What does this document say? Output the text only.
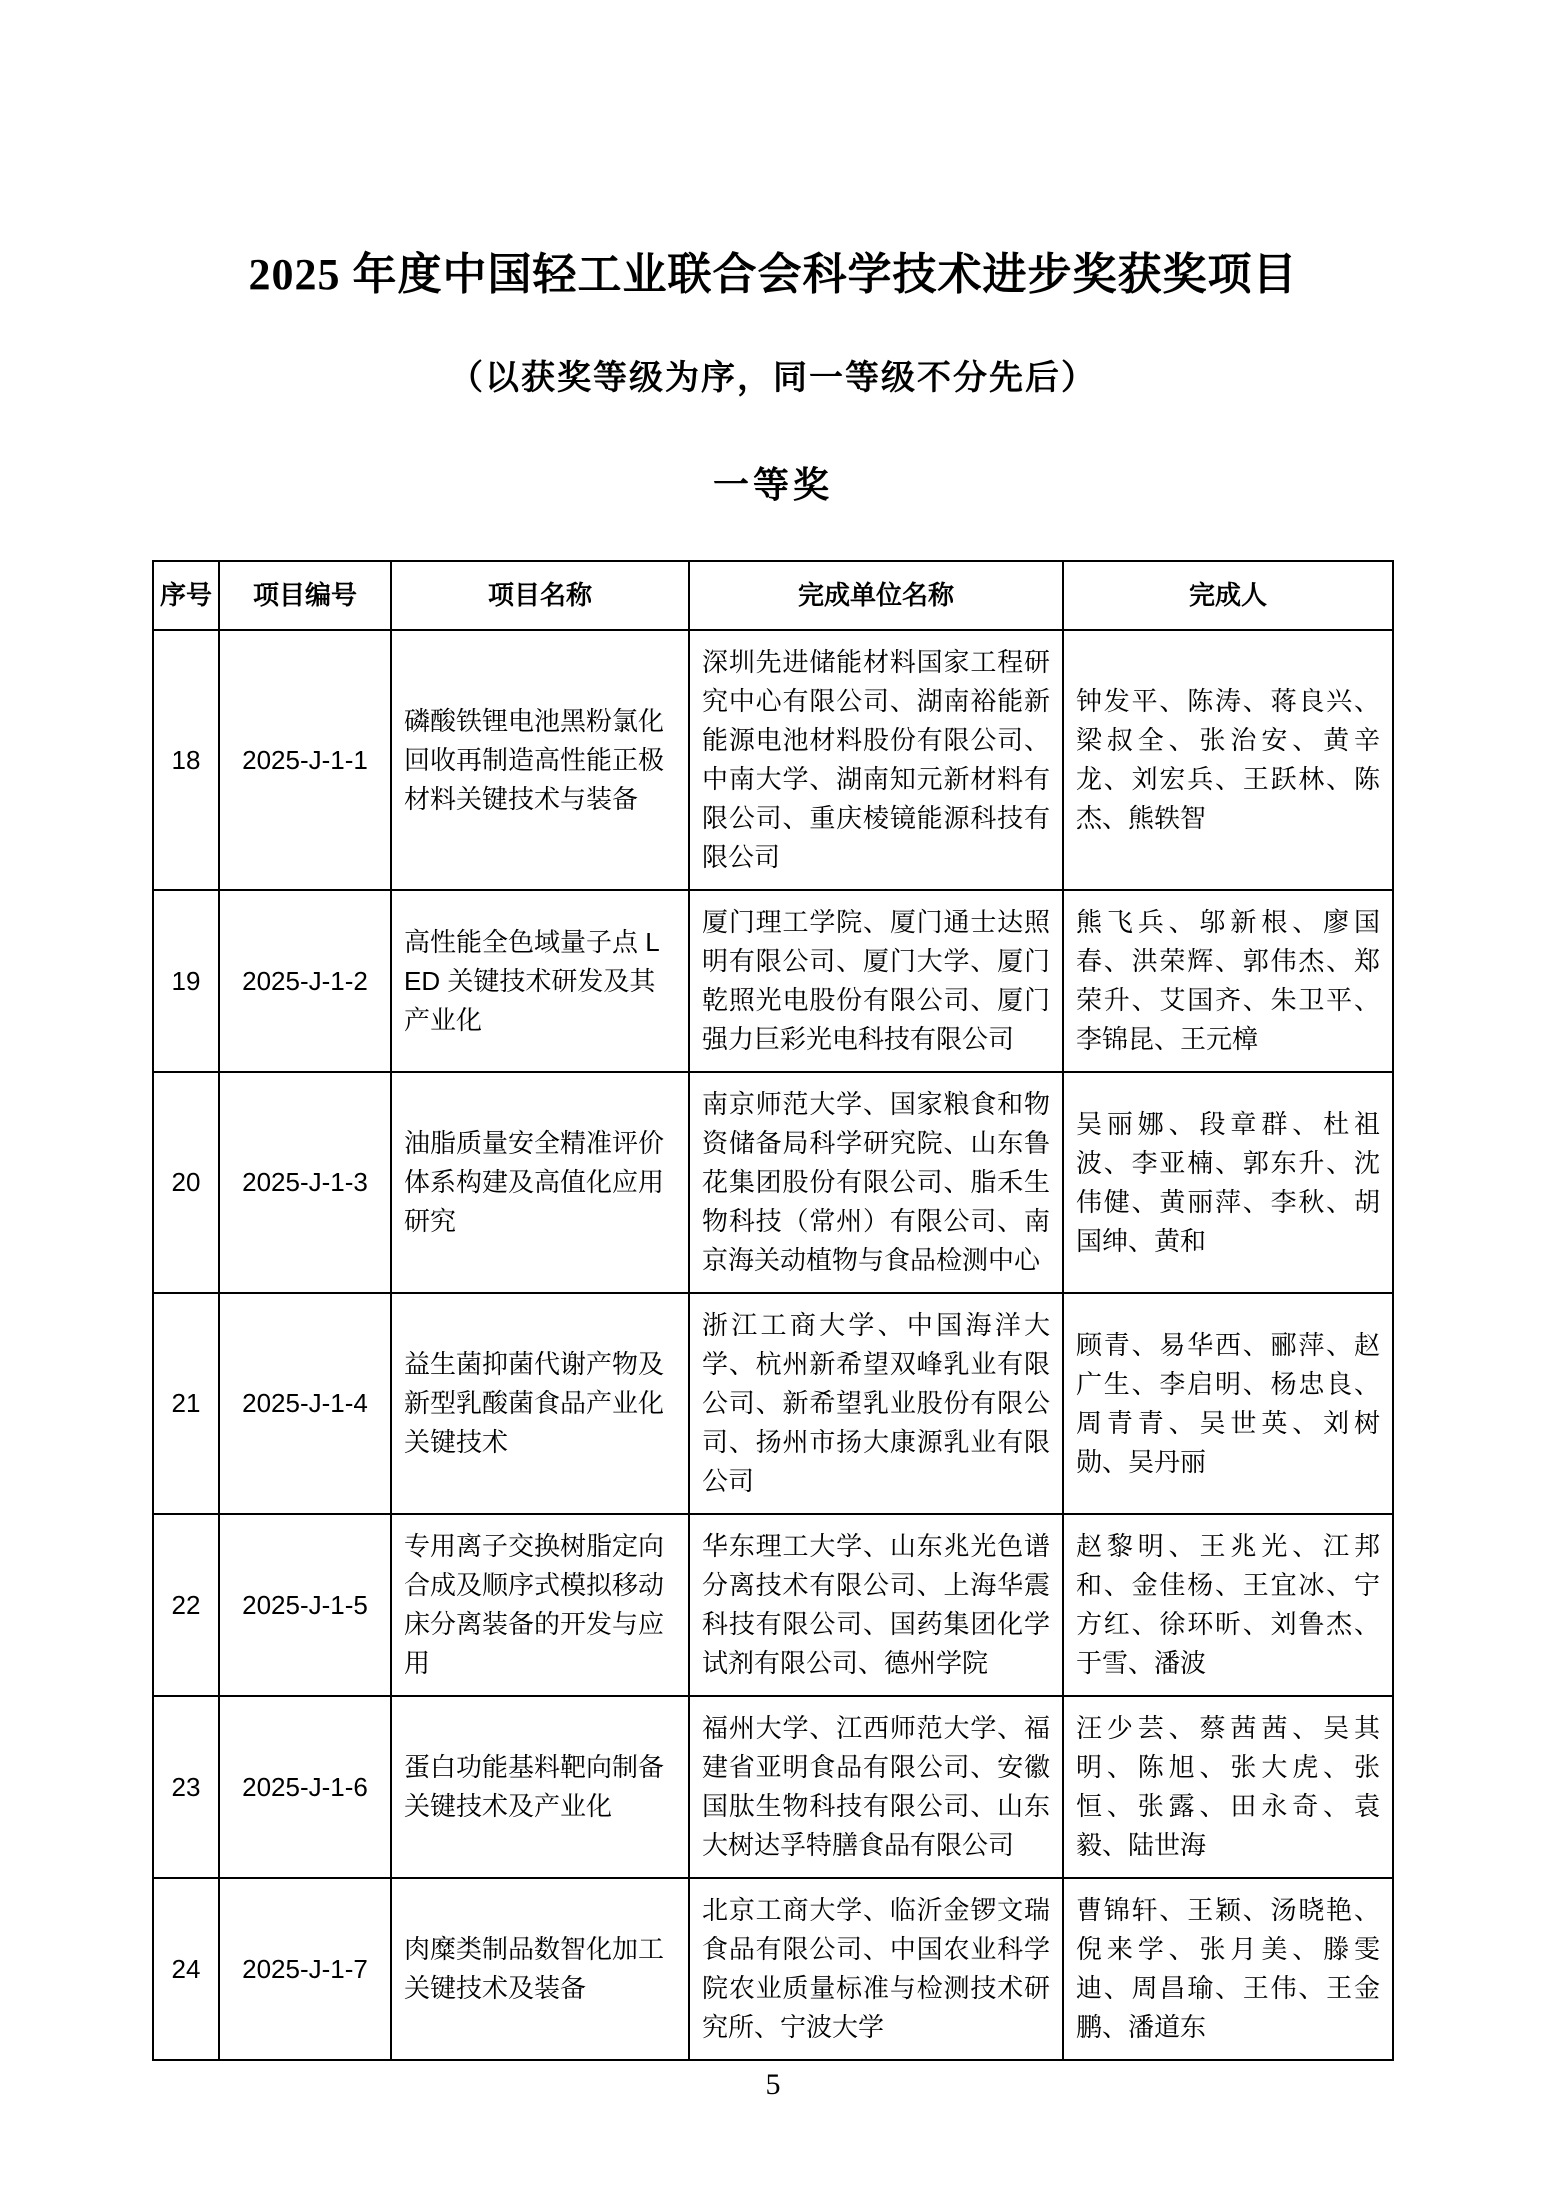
2025 年度中国轻工业联合会科学技术进步奖获奖项目
（以获奖等级为序，同一等级不分先后）
一等奖
序号	项目编号	项目名称	完成单位名称	完成人
18	2025-J-1-1	磷酸铁锂电池黑粉氯化回收再制造高性能正极材料关键技术与装备	深圳先进储能材料国家工程研究中心有限公司、湖南裕能新能源电池材料股份有限公司、中南大学、湖南知元新材料有限公司、重庆棱镜能源科技有限公司	钟发平、陈涛、蒋良兴、梁叔全、张治安、黄辛龙、刘宏兵、王跃林、陈杰、熊轶智
19	2025-J-1-2	高性能全色域量子点 LED 关键技术研发及其产业化	厦门理工学院、厦门通士达照明有限公司、厦门大学、厦门乾照光电股份有限公司、厦门强力巨彩光电科技有限公司	熊飞兵、邬新根、廖国春、洪荣辉、郭伟杰、郑荣升、艾国齐、朱卫平、李锦昆、王元樟
20	2025-J-1-3	油脂质量安全精准评价体系构建及高值化应用研究	南京师范大学、国家粮食和物资储备局科学研究院、山东鲁花集团股份有限公司、脂禾生物科技（常州）有限公司、南京海关动植物与食品检测中心	吴丽娜、段章群、杜祖波、李亚楠、郭东升、沈伟健、黄丽萍、李秋、胡国绅、黄和
21	2025-J-1-4	益生菌抑菌代谢产物及新型乳酸菌食品产业化关键技术	浙江工商大学、中国海洋大学、杭州新希望双峰乳业有限公司、新希望乳业股份有限公司、扬州市扬大康源乳业有限公司	顾青、易华西、郦萍、赵广生、李启明、杨忠良、周青青、吴世英、刘树勋、吴丹丽
22	2025-J-1-5	专用离子交换树脂定向合成及顺序式模拟移动床分离装备的开发与应用	华东理工大学、山东兆光色谱分离技术有限公司、上海华震科技有限公司、国药集团化学试剂有限公司、德州学院	赵黎明、王兆光、江邦和、金佳杨、王宜冰、宁方红、徐环昕、刘鲁杰、于雪、潘波
23	2025-J-1-6	蛋白功能基料靶向制备关键技术及产业化	福州大学、江西师范大学、福建省亚明食品有限公司、安徽国肽生物科技有限公司、山东大树达孚特膳食品有限公司	汪少芸、蔡茜茜、吴其明、陈旭、张大虎、张恒、张露、田永奇、袁毅、陆世海
24	2025-J-1-7	肉糜类制品数智化加工关键技术及装备	北京工商大学、临沂金锣文瑞食品有限公司、中国农业科学院农业质量标准与检测技术研究所、宁波大学	曹锦轩、王颖、汤晓艳、倪来学、张月美、滕雯迪、周昌瑜、王伟、王金鹏、潘道东
5
